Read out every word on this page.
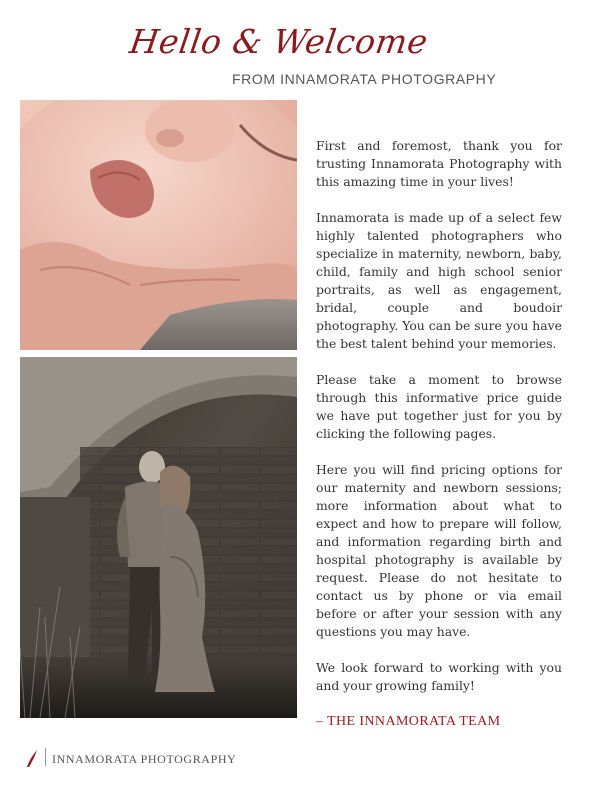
Hello & Welcome
FROM INNAMORATA PHOTOGRAPHY

First and foremost, thank you for trusting Innamorata Photography with this amazing time in your lives!

Innamorata is made up of a select few highly talented photographers who specialize in maternity, newborn, baby, child, family and high school senior portraits, as well as engagement, bridal, couple and boudoir photography. You can be sure you have the best talent behind your memories.

Please take a moment to browse through this informative price guide we have put together just for you by clicking the following pages.

Here you will find pricing options for our maternity and newborn sessions; more information about what to expect and how to prepare will follow, and information regarding birth and hospital photography is available by request. Please do not hesitate to contact us by phone or via email before or after your session with any questions you may have.

We look forward to working with you and your growing family!

– THE INNAMORATA TEAM
INNAMORATA PHOTOGRAPHY
